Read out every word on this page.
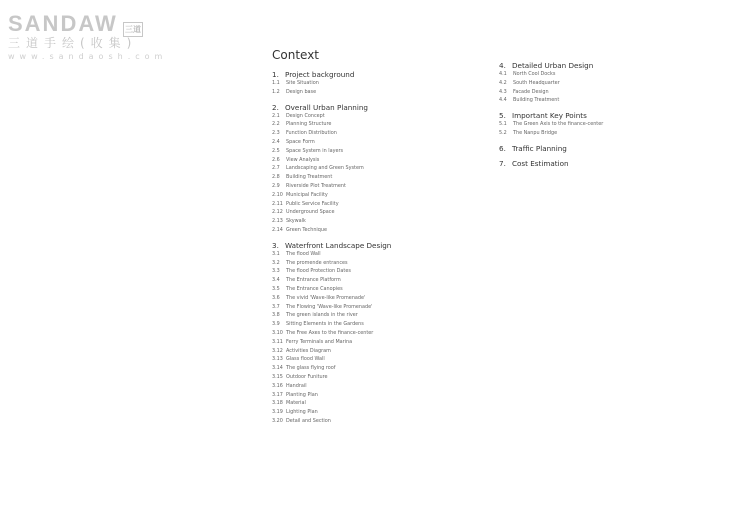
SANDAW 三道
三道手绘(收集)
www.sandaosh.com	Context
1. Project background
1.1	Site Situation
1.2	Design base
2. Overall Urban Planning
2.1	Design Concept
2.2	Planning Structure
2.3	Function Distribution
2.4	Space Form
2.5	Space System in layers
2.6	View Analysis
2.7	Landscaping and Green System
2.8	Building Treatment
2.9	Riverside Plot Treatment
2.10 Municipal Facility
2.11 Public Service Facility
2.12 Underground Space
2.13 Skywalk
2.14 Green Technique
3. Waterfront Landscape Design
3.1	The flood Wall
3.2	The promende entrances
3.3	The flood Protection Dates
3.4	The Entrance Platform
3.5	The Entrance Canopies
3.6	The vivid 'Wave-like Promenade'
3.7	The Flowing 'Wave-like Promenade'
3.8	The green islands in the river
3.9	Sitting Elements in the Gardens
3.10 The Free Axes to the finance-center
3.11 Ferry Terminals and Marina
3.12 Activities Diagram
3.13 Glass flood Wall
3.14 The glass flying roof
3.15 Outdoor Funiture
3.16 Handrail
3.17 Planting Plan
3.18 Material
3.19 Lighting Plan
3.20 Detail and Section
4. Detailed Urban Design
4.1	North Cool Docks
4.2	South Headquarter
4.3	Facade Design
4.4	Building Treatment
5. Important Key Points
5.1	The Green Axis to the finance-center
5.2	The Nanpu Bridge
6. Traffic Planning
7. Cost Estimation
